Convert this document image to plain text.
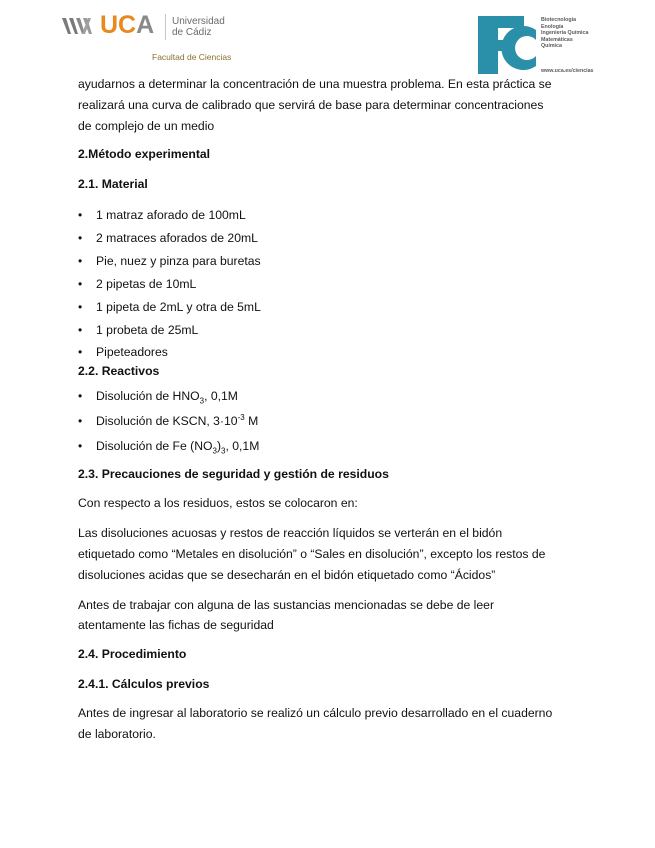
UCA Universidad
de Cádiz
Facultad de Ciencias
Biotecnología
Enología
Ingeniería Química
Matemáticas
Química
www.uca.es/ciencias

ayudarnos a determinar la concentración de una muestra problema. En esta práctica se
realizará una curva de calibrado que servirá de base para determinar concentraciones
de complejo de un medio

2.Método experimental
2.1. Material
• 1 matraz aforado de 100mL
• 2 matraces aforados de 20mL
• Pie, nuez y pinza para buretas
• 2 pipetas de 10mL
• 1 pipeta de 2mL y otra de 5mL
• 1 probeta de 25mL
• Pipeteadores
2.2. Reactivos
• Disolución de $HNO_3$, 0,1M
• Disolución de KSCN, $3\cdot 10^{-3}$ M
• Disolución de Fe $(NO_3)_3$, 0,1M
2.3. Precauciones de seguridad y gestión de residuos

Con respecto a los residuos, estos se colocaron en:

Las disoluciones acuosas y restos de reacción líquidos se verterán en el bidón
etiquetado como “Metales en disolución” o “Sales en disolución”, excepto los restos de
disoluciones acidas que se desecharán en el bidón etiquetado como “Ácidos”

Antes de trabajar con alguna de las sustancias mencionadas se debe de leer
atentamente las fichas de seguridad

2.4. Procedimiento
2.4.1. Cálculos previos

Antes de ingresar al laboratorio se realizó un cálculo previo desarrollado en el cuaderno
de laboratorio.
